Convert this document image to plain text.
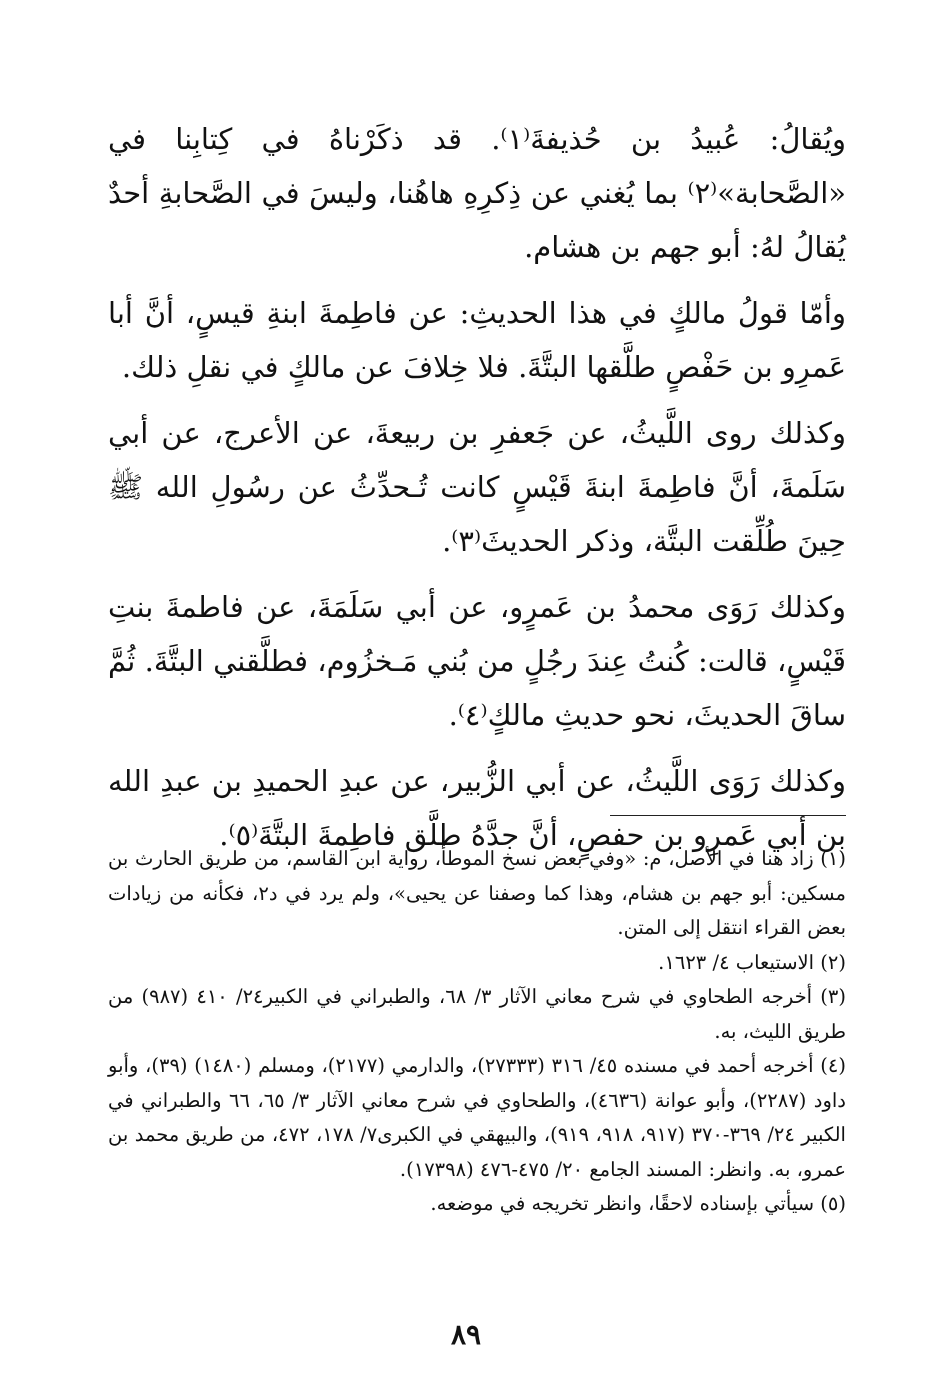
ويُقالُ: عُبيدُ بن حُذيفةَ⁽١⁾. قد ذكَرْناهُ في كِتابِنا في «الصَّحابة»⁽٢⁾ بما يُغني عن ذِكرِهِ هاهُنا، وليسَ في الصَّحابةِ أحدٌ يُقالُ لهُ: أبو جهم بن هشام.

وأمّا قولُ مالكٍ في هذا الحديثِ: عن فاطِمةَ ابنةِ قيسٍ، أنَّ أبا عَمرِو بن حَفْصٍ طلَّقها البتَّةَ. فلا خِلافَ عن مالكٍ في نقلِ ذلك.

وكذلك روى اللَّيثُ، عن جَعفرِ بن ربيعةَ، عن الأعرج، عن أبي سَلَمةَ، أنَّ فاطِمةَ ابنةَ قَيْسٍ كانت تُـحدِّثُ عن رسُولِ الله ﷺ حِينَ طُلِّقت البتَّة، وذكر الحديثَ⁽٣⁾.

وكذلك رَوَى محمدُ بن عَمرٍو، عن أبي سَلَمَةَ، عن فاطمةَ بنتِ قَيْسٍ، قالت: كُنتُ عِندَ رجُلٍ من بُني مَـخزُوم، فطلَّقني البتَّةَ. ثُمَّ ساقَ الحديثَ، نحو حديثِ مالكٍ⁽٤⁾.

وكذلك رَوَى اللَّيثُ، عن أبي الزُّبير، عن عبدِ الحميدِ بن عبدِ الله بن أبي عَمرِو بن حفصٍ، أنَّ جدَّهُ طلَّق فاطِمةَ البتَّةَ⁽٥⁾.

(١) زاد هنا في الأصل، م: «وفي بعض نسخ الموطأ، رواية ابن القاسم، من طريق الحارث بن مسكين: أبو جهم بن هشام، وهذا كما وصفنا عن يحيى»، ولم يرد في د٢، فكأنه من زيادات بعض القراء انتقل إلى المتن.

(٢) الاستيعاب ٤/ ١٦٢٣.

(٣) أخرجه الطحاوي في شرح معاني الآثار ٣/ ٦٨، والطبراني في الكبير٢٤/ ٤١٠ (٩٨٧) من طريق الليث، به.

(٤) أخرجه أحمد في مسنده ٤٥/ ٣١٦ (٢٧٣٣٣)، والدارمي (٢١٧٧)، ومسلم (١٤٨٠) (٣٩)، وأبو داود (٢٢٨٧)، وأبو عوانة (٤٦٣٦)، والطحاوي في شرح معاني الآثار ٣/ ٦٥، ٦٦ والطبراني في الكبير ٢٤/ ٣٦٩-٣٧٠ (٩١٧، ٩١٨، ٩١٩)، والبيهقي في الكبرى٧/ ١٧٨، ٤٧٢، من طريق محمد بن عمرو، به. وانظر: المسند الجامع ٢٠/ ٤٧٥-٤٧٦ (١٧٣٩٨).

(٥) سيأتي بإسناده لاحقًا، وانظر تخريجه في موضعه.

٨٩
